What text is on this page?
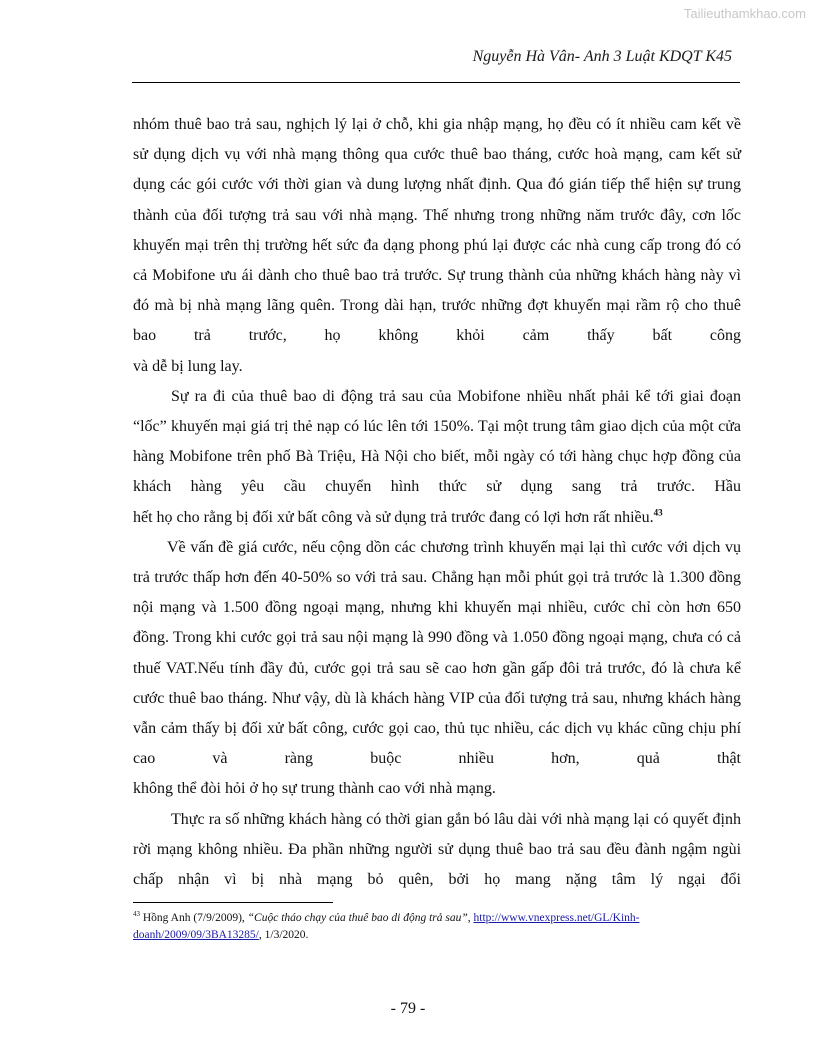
Tailieuthamkhao.com
Nguyễn Hà Vân- Anh 3 Luật KDQT K45

nhóm thuê bao trả sau, nghịch lý lại ở chỗ, khi gia nhập mạng, họ đều có ít nhiều cam kết về sử dụng dịch vụ với nhà mạng thông qua cước thuê bao tháng, cước hoà mạng, cam kết sử dụng các gói cước với thời gian và dung lượng nhất định. Qua đó gián tiếp thể hiện sự trung thành của đối tượng trả sau với nhà mạng. Thế nhưng trong những năm trước đây, cơn lốc khuyến mại trên thị trường hết sức đa dạng phong phú lại được các nhà cung cấp trong đó có cả Mobifone ưu ái dành cho thuê bao trả trước. Sự trung thành của những khách hàng này vì đó mà bị nhà mạng lãng quên. Trong dài hạn, trước những đợt khuyến mại rầm rộ cho thuê bao trả trước, họ không khỏi cảm thấy bất công

và dễ bị lung lay.

Sự ra đi của thuê bao di động trả sau của Mobifone nhiều nhất phải kể tới giai đoạn “lốc” khuyến mại giá trị thẻ nạp có lúc lên tới 150%. Tại một trung tâm giao dịch của một cửa hàng Mobifone trên phố Bà Triệu, Hà Nội cho biết, mỗi ngày có tới hàng chục hợp đồng của khách hàng yêu cầu chuyển hình thức sử dụng sang trả trước. Hầu

hết họ cho rằng bị đối xử bất công và sử dụng trả trước đang có lợi hơn rất nhiều.$^{43}$

Về vấn đề giá cước, nếu cộng dồn các chương trình khuyến mại lại thì cước với dịch vụ trả trước thấp hơn đến 40-50% so với trả sau. Chẳng hạn mỗi phút gọi trả trước là 1.300 đồng nội mạng và 1.500 đồng ngoại mạng, nhưng khi khuyến mại nhiều, cước chỉ còn hơn 650 đồng. Trong khi cước gọi trả sau nội mạng là 990 đồng và 1.050 đồng ngoại mạng, chưa có cả thuế VAT.Nếu tính đầy đủ, cước gọi trả sau sẽ cao hơn gần gấp đôi trả trước, đó là chưa kể cước thuê bao tháng. Như vậy, dù là khách hàng VIP của đối tượng trả sau, nhưng khách hàng vẫn cảm thấy bị đối xử bất công, cước gọi cao, thủ tục nhiều, các dịch vụ khác cũng chịu phí cao và ràng buộc nhiều hơn, quả thật

không thể đòi hỏi ở họ sự trung thành cao với nhà mạng.

Thực ra số những khách hàng có thời gian gắn bó lâu dài với nhà mạng lại có quyết định rời mạng không nhiều. Đa phần những người sử dụng thuê bao trả sau đều đành ngậm ngùi chấp nhận vì bị nhà mạng bỏ quên, bởi họ mang nặng tâm lý ngại đổi

$^{43}$ Hồng Anh (7/9/2009), “Cuộc tháo chạy của thuê bao di động trả sau”, http://www.vnexpress.net/GL/Kinh-doanh/2009/09/3BA13285/, 1/3/2020.
- 79 -
